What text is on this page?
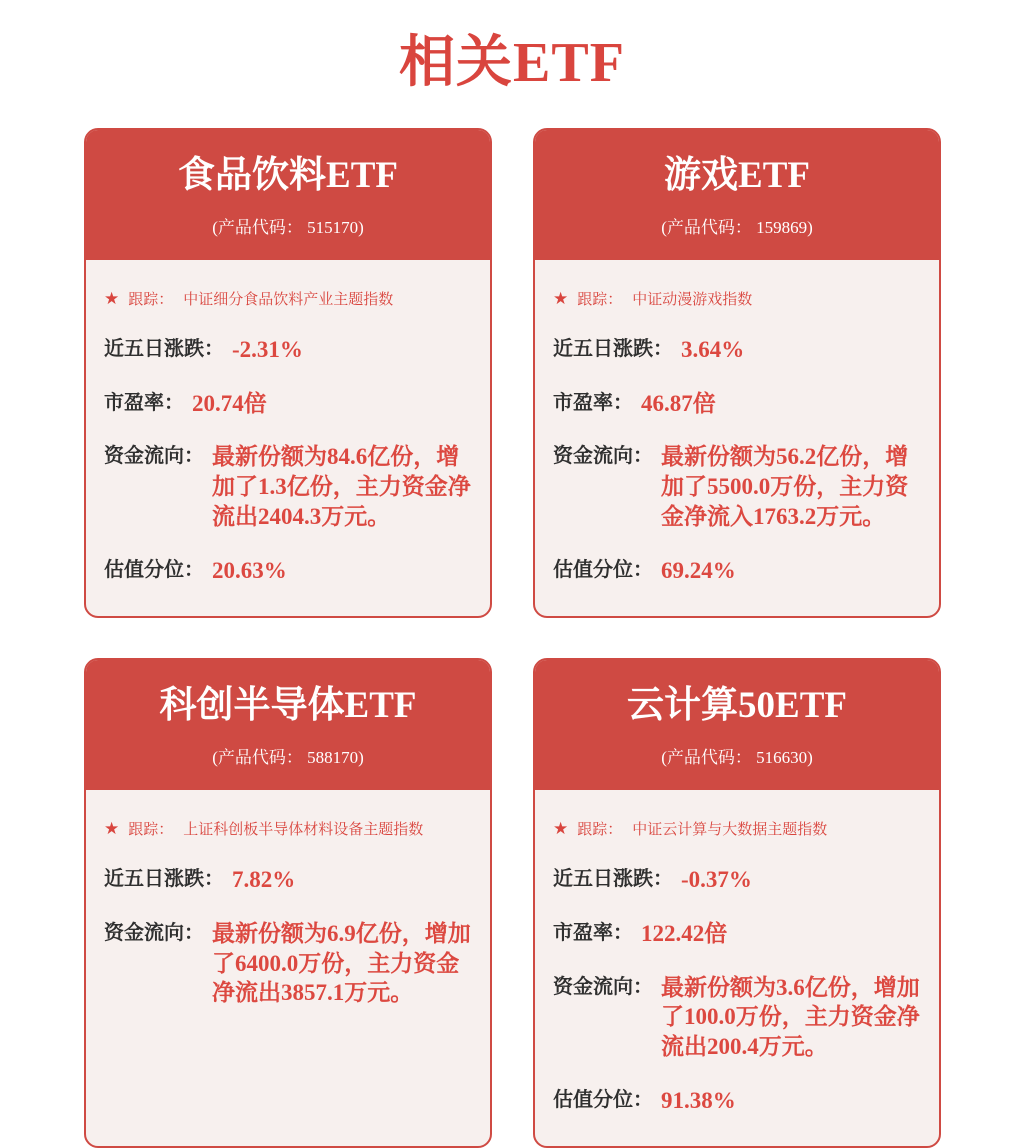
相关ETF
食品饮料ETF
(产品代码： 515170)
★ 跟踪： 中证细分食品饮料产业主题指数
近五日涨跌： -2.31%
市盈率： 20.74倍
资金流向： 最新份额为84.6亿份，增加了1.3亿份，主力资金净流出2404.3万元。
估值分位： 20.63%
游戏ETF
(产品代码： 159869)
★ 跟踪： 中证动漫游戏指数
近五日涨跌： 3.64%
市盈率： 46.87倍
资金流向： 最新份额为56.2亿份，增加了5500.0万份，主力资金净流入1763.2万元。
估值分位： 69.24%
科创半导体ETF
(产品代码： 588170)
★ 跟踪： 上证科创板半导体材料设备主题指数
近五日涨跌： 7.82%
资金流向： 最新份额为6.9亿份，增加了6400.0万份，主力资金净流出3857.1万元。
云计算50ETF
(产品代码： 516630)
★ 跟踪： 中证云计算与大数据主题指数
近五日涨跌： -0.37%
市盈率： 122.42倍
资金流向： 最新份额为3.6亿份，增加了100.0万份，主力资金净流出200.4万元。
估值分位： 91.38%
